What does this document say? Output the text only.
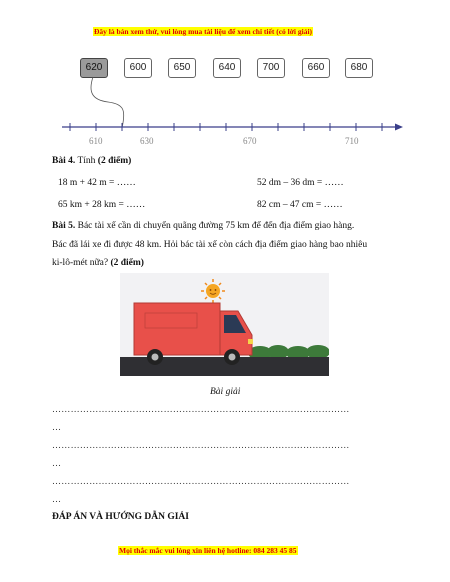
Đây là bản xem thử, vui lòng mua tài liệu để xem chi tiết (có lời giải)
620	600	650	640	700	660	680
610	630	670	710
Bài 4. Tính (2 điểm)
18 m + 42 m = ……	52 dm – 36 dm = ……
65 km + 28 km = ……	82 cm – 47 cm = ……
Bài 5. Bác tài xế cần di chuyển quãng đường 75 km để đến địa điểm giao hàng.
Bác đã lái xe đi được 48 km. Hỏi bác tài xế còn cách địa điểm giao hàng bao nhiêu
ki-lô-mét nữa? (2 điểm)
Bài giải
……………………………………………………………………………………
…
……………………………………………………………………………………
…
……………………………………………………………………………………
…
ĐÁP ÁN VÀ HƯỚNG DẪN GIẢI
Mọi thắc mắc vui lòng xin liên hệ hotline: 084 283 45 85
